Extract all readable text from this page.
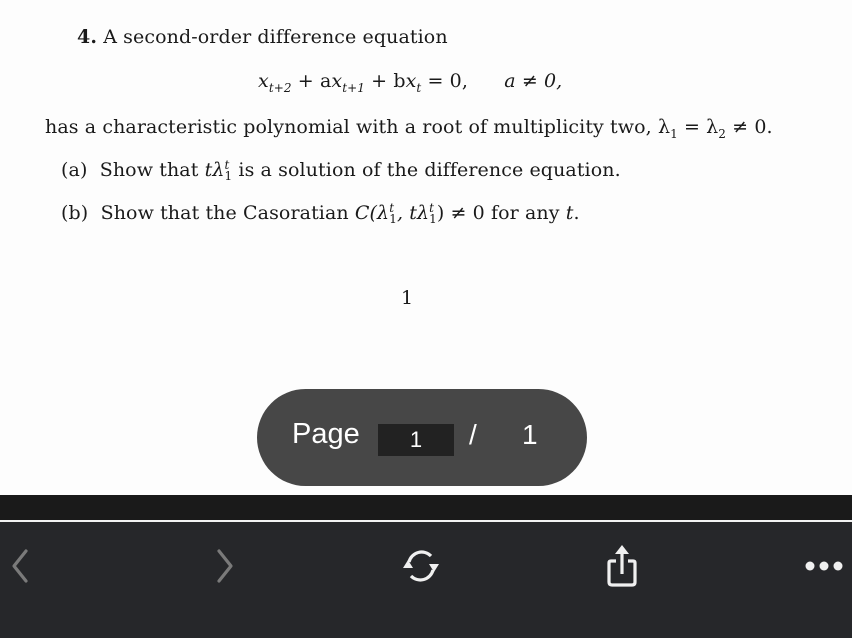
4. A second-order difference equation
$x_{t+2} + ax_{t+1} + bx_t = 0$, a ≠ 0,
has a characteristic polynomial with a root of multiplicity two, $\lambda_1 = \lambda_2 \ne 0$.
(a) Show that tλ t
1 is a solution of the difference equation.
(b) Show that the Casoratian C(λ t
1 , tλ t
1 ) ≠ 0 for any t.
1
Page	1	/ 1
